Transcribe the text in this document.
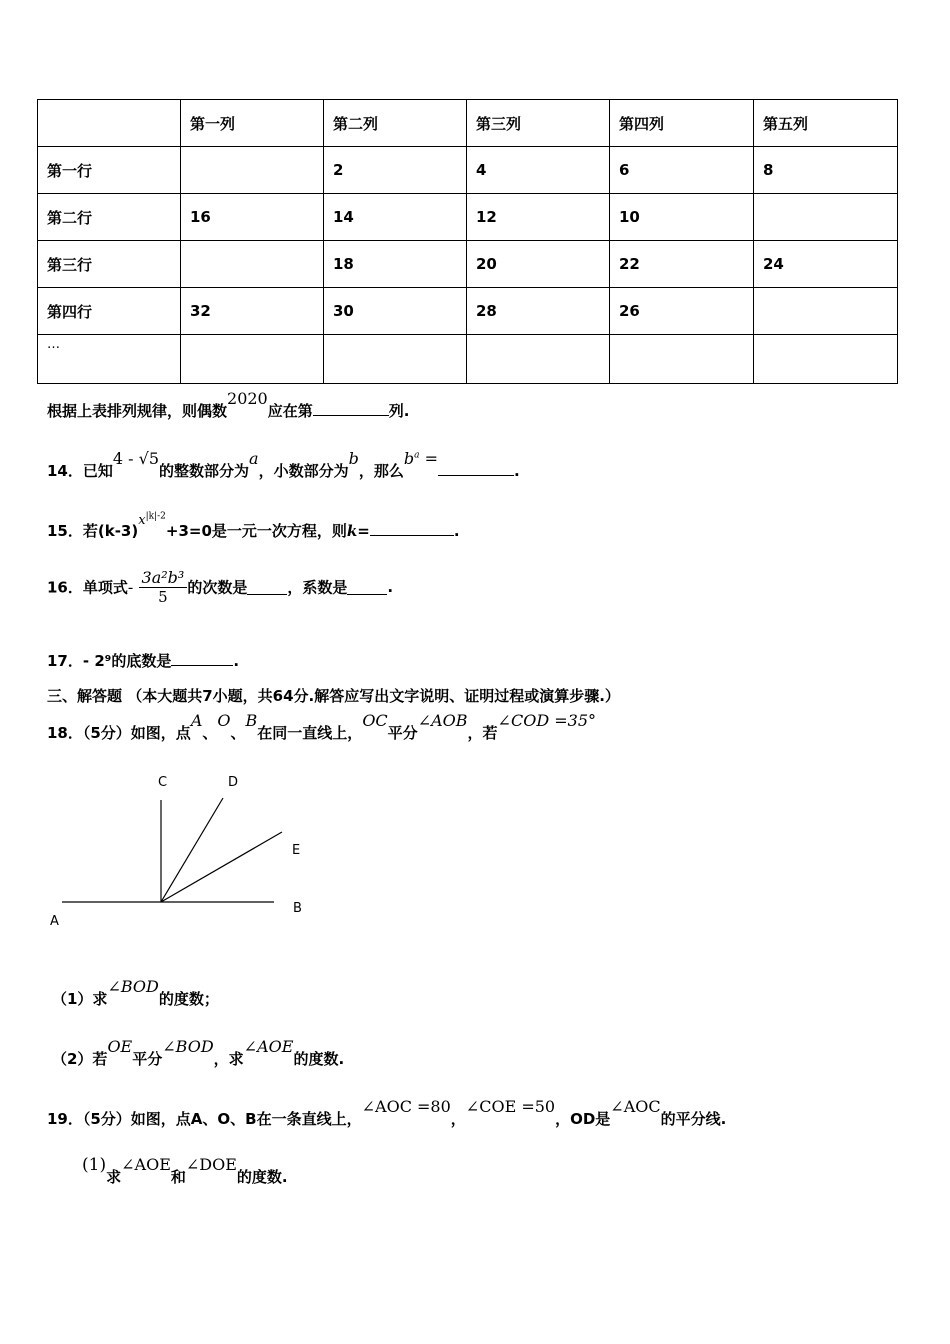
	第一列	第二列	第三列	第四列	第五列
第一行		2	4	6	8
第二行	16	14	12	10	
第三行		18	20	22	24
第四行	32	30	28	26	
…					
根据上表排列规律，则偶数2020应在第	列.
14．已知4 - √5的整数部分为a，小数部分为b，那么$b^a$ =.
15．若$(k-3)x^{|k|-2}+3=0$是一元一次方程，则k=	.
16．单项式- $\frac{\text{3a²b³}}{5}$ 的次数是	，系数是	.
17．- 2⁹的底数是	.
三、解答题 （本大题共7小题，共64分.解答应写出文字说明、证明过程或演算步骤.）
18．（5分）如图，点A、O、B在同一直线上，OC平分∠AOB，若∠COD =35°
C	D
E
A
B
（1）求∠BOD的度数；
（2）若OE平分∠BOD，求∠AOE的度数.
19．（5分）如图，点A、O、B在一条直线上，∠AOC =80，∠COE =50，OD是∠AOC的平分线.
(1)求∠AOE和∠DOE的度数.
